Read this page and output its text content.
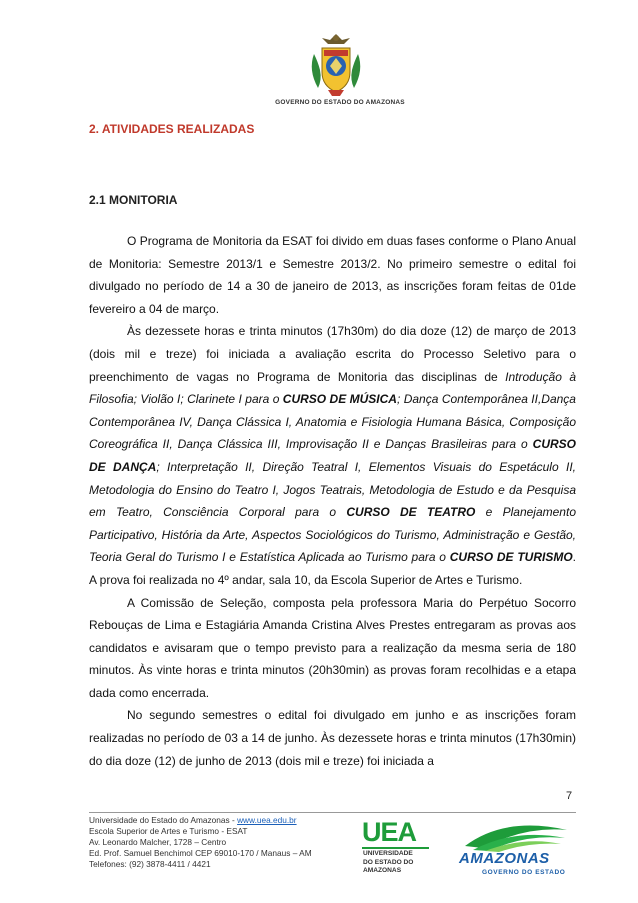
GOVERNO DO ESTADO DO AMAZONAS
2. ATIVIDADES REALIZADAS
2.1 MONITORIA

O Programa de Monitoria da ESAT foi divido em duas fases conforme o Plano Anual de Monitoria: Semestre 2013/1 e Semestre 2013/2. No primeiro semestre o edital foi divulgado no período de 14 a 30 de janeiro de 2013, as inscrições foram feitas de 01de fevereiro a 04 de março.

Às dezessete horas e trinta minutos (17h30m) do dia doze (12) de março de 2013 (dois mil e treze) foi iniciada a avaliação escrita do Processo Seletivo para o preenchimento de vagas no Programa de Monitoria das disciplinas de Introdução à Filosofia; Violão I; Clarinete I para o CURSO DE MÚSICA; Dança Contemporânea II,Dança Contemporânea IV, Dança Clássica I, Anatomia e Fisiologia Humana Básica, Composição Coreográfica II, Dança Clássica III, Improvisação II e Danças Brasileiras para o CURSO DE DANÇA; Interpretação II, Direção Teatral I, Elementos Visuais do Espetáculo II, Metodologia do Ensino do Teatro I, Jogos Teatrais, Metodologia de Estudo e da Pesquisa em Teatro, Consciência Corporal para o CURSO DE TEATRO e Planejamento Participativo, História da Arte, Aspectos Sociológicos do Turismo, Administração e Gestão, Teoria Geral do Turismo I e Estatística Aplicada ao Turismo para o CURSO DE TURISMO. A prova foi realizada no 4º andar, sala 10, da Escola Superior de Artes e Turismo.

A Comissão de Seleção, composta pela professora Maria do Perpétuo Socorro Rebouças de Lima e Estagiária Amanda Cristina Alves Prestes entregaram as provas aos candidatos e avisaram que o tempo previsto para a realização da mesma seria de 180 minutos. Às vinte horas e trinta minutos (20h30min) as provas foram recolhidas e a etapa dada como encerrada.

No segundo semestres o edital foi divulgado em junho e as inscrições foram realizadas no período de 03 a 14 de junho. Às dezessete horas e trinta minutos (17h30min) do dia doze (12) de junho de 2013 (dois mil e treze) foi iniciada a

7
Universidade do Estado do Amazonas - www.uea.edu.br
Escola Superior de Artes e Turismo - ESAT
Av. Leonardo Malcher, 1728 – Centro
Ed. Prof. Samuel Benchimol CEP 69010-170 / Manaus – AM
Telefones: (92) 3878-4411 / 4421
UEA
UNIVERSIDADE
DO ESTADO DO
AMAZONAS
AMAZONAS
GOVERNO DO ESTADO
